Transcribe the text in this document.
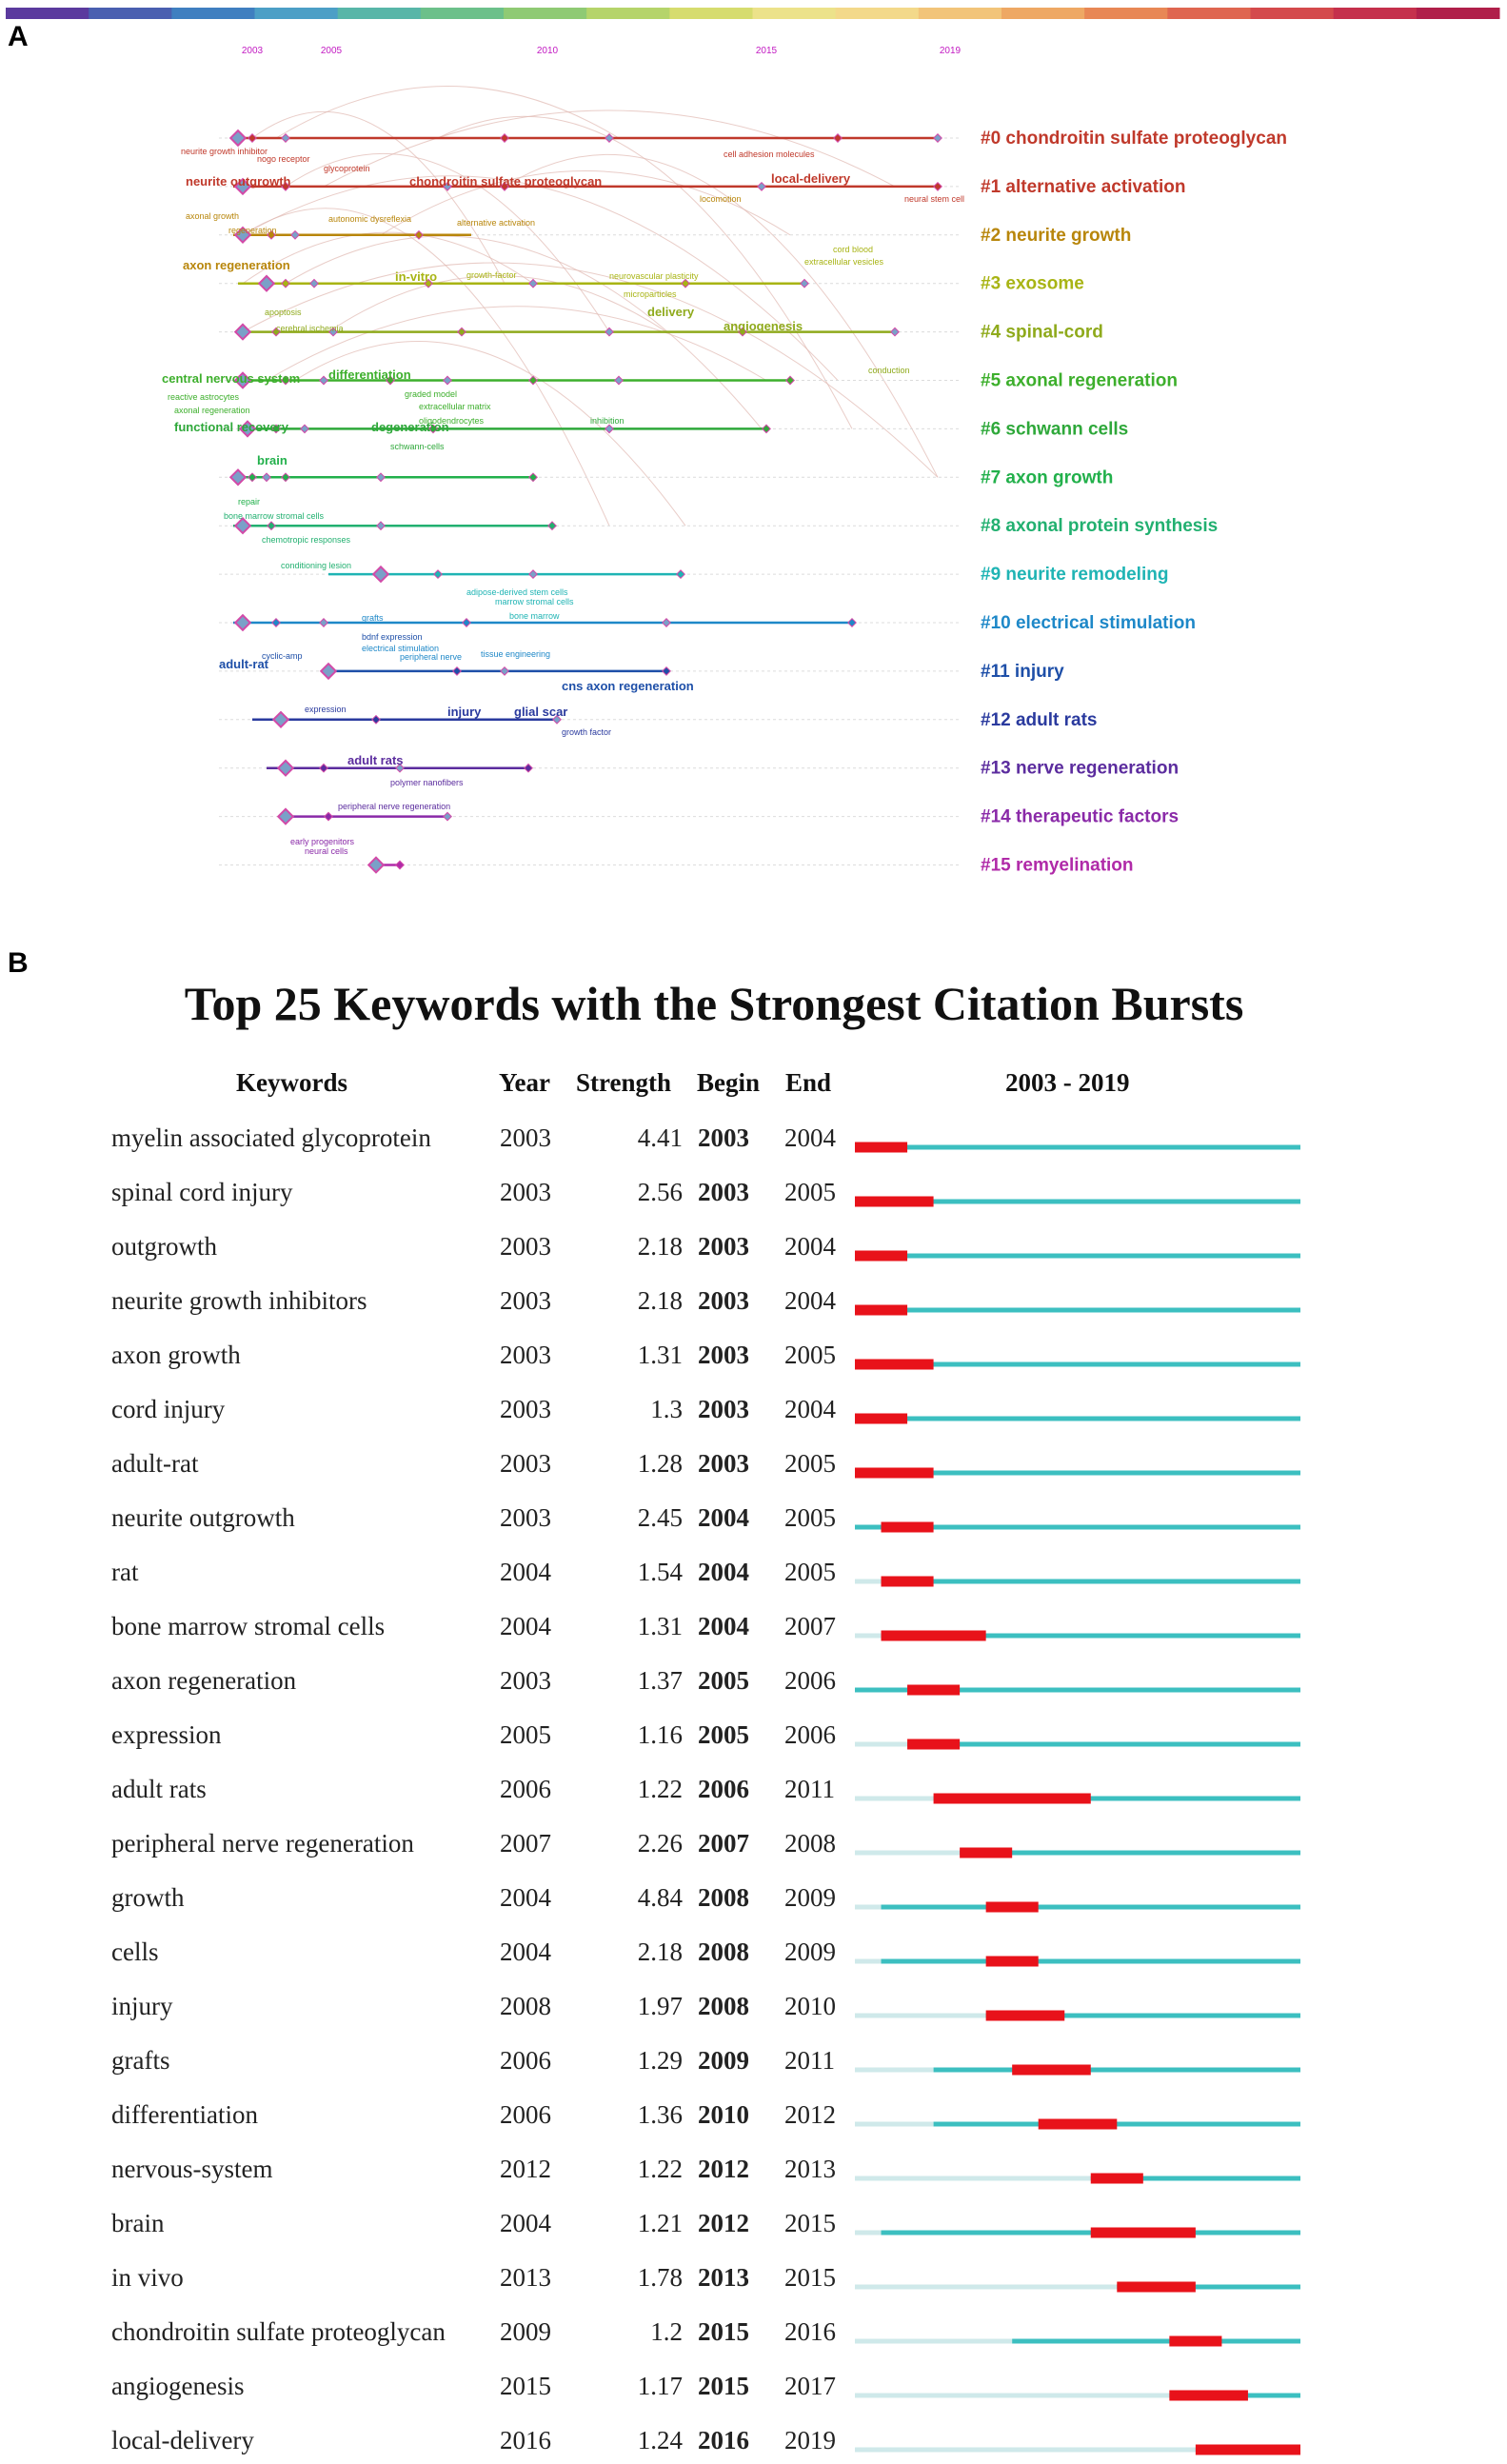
A
B
2003	2005	2010	2015	2019
#0 chondroitin sulfate proteoglycan
#1 alternative activation
#2 neurite growth
#3 exosome
#4 spinal-cord
#5 axonal regeneration
#6 schwann cells
#7 axon growth
#8 axonal protein synthesis
#9 neurite remodeling
#10 electrical stimulation
#11 injury
#12 adult rats
#13 nerve regeneration
#14 therapeutic factors
#15 remyelination
neurite growth inhibitor
nogo receptor
glycoprotein
cell adhesion molecules
neurite outgrowth	chondroitin sulfate proteoglycan	local-delivery
neural stem cell
axonal growth
regeneration
autonomic dysreflexia	alternative activation
locomotion
axon regeneration
cord blood
extracellular vesicles
in-vitro	growth-factor	neurovascular plasticity
microparticles
delivery
angiogenesis
apoptosis
cerebral ischemia
conduction
central nervous system differentiation
reactive astrocytes
axonal regeneration
graded model
extracellular matrix
oligodendrocytes
functional recovery	degeneration	inhibition
schwann-cells
brain
repair
bone marrow stromal cells
chemotropic responses
conditioning lesion
adipose-derived stem cells
marrow stromal cells
bone marrow
grafts
electrical stimulation
peripheral nerve tissue engineering
adult-rat
cyclic-amp
bdnf expression
cns axon regeneration
expression	injury	glial scar
growth factor
adult rats
polymer nanofibers
peripheral nerve regeneration
early progenitors
neural cells
Top 25 Keywords with the Strongest Citation Bursts
Keywords	Year Strength Begin End	2003 - 2019
myelin associated glycoprotein	2003	4.41 2003 2004
spinal cord injury	2003	2.56 2003 2005
outgrowth	2003	2.18 2003 2004
neurite growth inhibitors	2003	2.18 2003 2004
axon growth	2003	1.31 2003 2005
cord injury	2003	1.3 2003 2004
adult-rat	2003	1.28 2003 2005
neurite outgrowth	2003	2.45 2004 2005
rat	2004	1.54 2004 2005
bone marrow stromal cells	2004	1.31 2004 2007
axon regeneration	2003	1.37 2005 2006
expression	2005	1.16 2005 2006
adult rats	2006	1.22 2006 2011
peripheral nerve regeneration	2007	2.26 2007 2008
growth	2004	4.84 2008 2009
cells	2004	2.18 2008 2009
injury	2008	1.97 2008 2010
grafts	2006	1.29 2009 2011
differentiation	2006	1.36 2010 2012
nervous-system	2012	1.22 2012 2013
brain	2004	1.21 2012 2015
in vivo	2013	1.78 2013 2015
chondroitin sulfate proteoglycan 2009	1.2 2015 2016
angiogenesis	2015	1.17 2015 2017
local-delivery	2016	1.24 2016 2019
